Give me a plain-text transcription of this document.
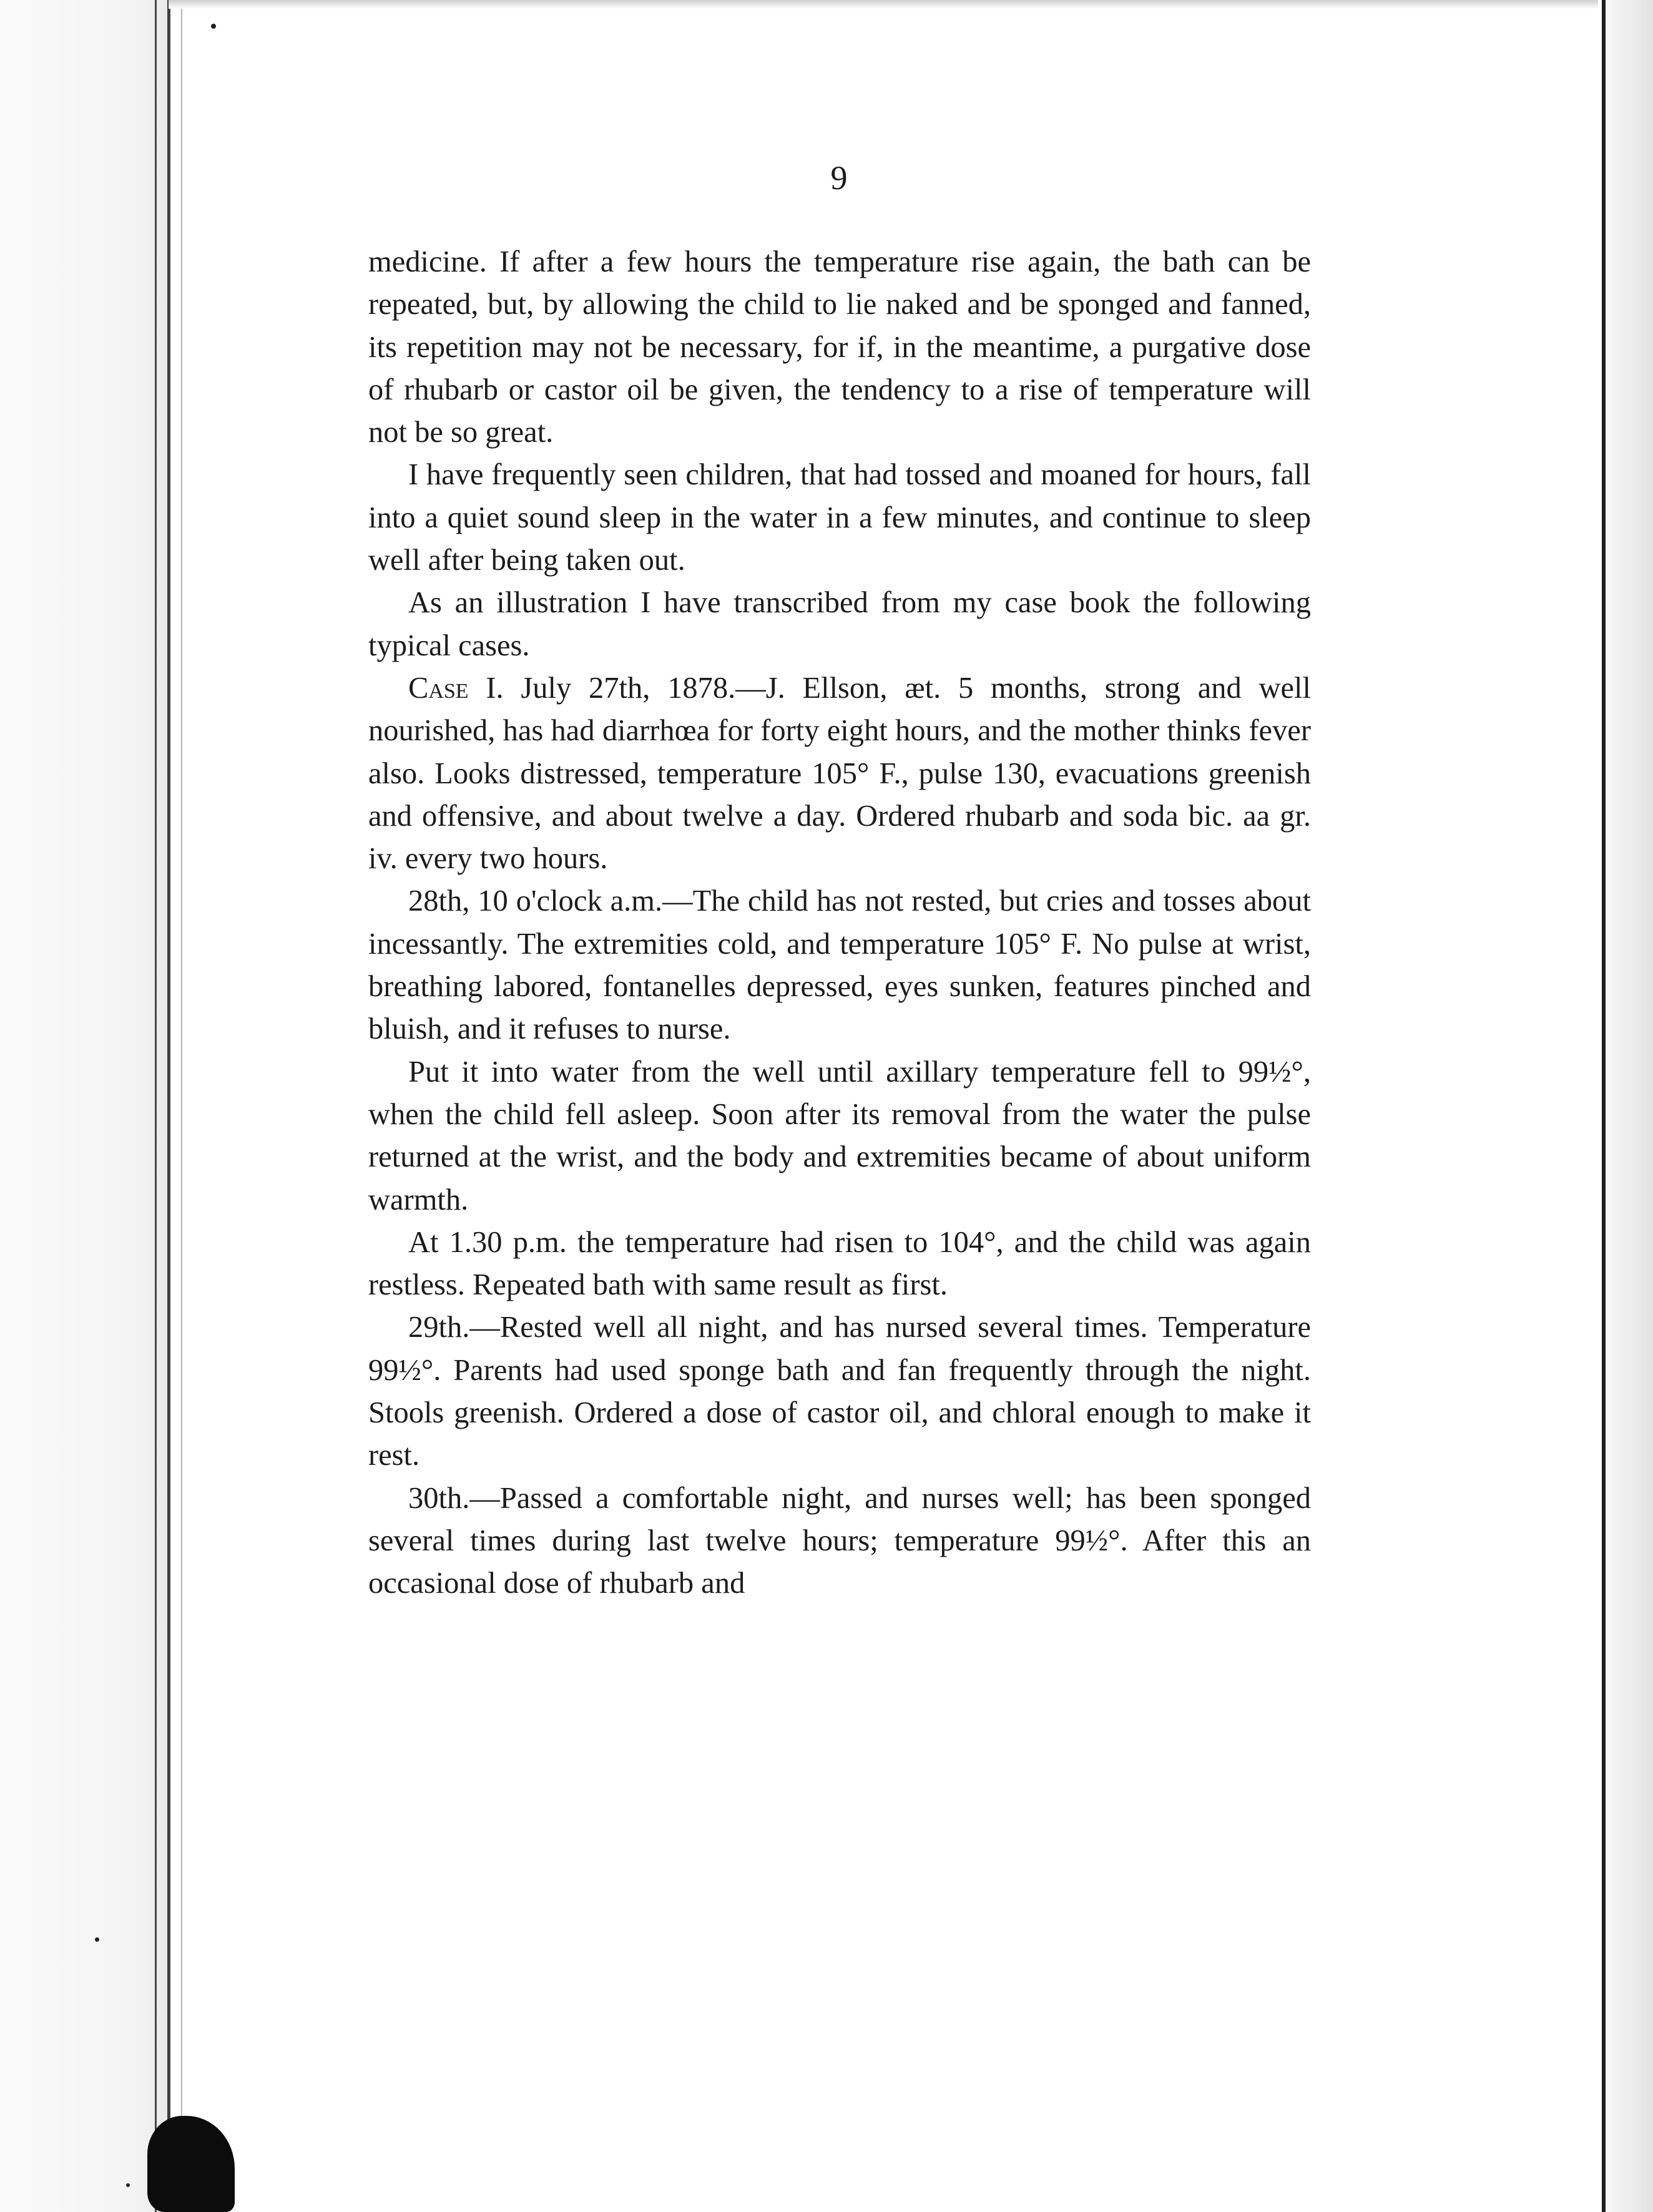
9

medicine. If after a few hours the temperature rise again, the bath can be repeated, but, by allowing the child to lie naked and be sponged and fanned, its repetition may not be necessary, for if, in the meantime, a purgative dose of rhubarb or castor oil be given, the tendency to a rise of temperature will not be so great.

I have frequently seen children, that had tossed and moaned for hours, fall into a quiet sound sleep in the water in a few minutes, and continue to sleep well after being taken out.

As an illustration I have transcribed from my case book the following typical cases.

Case I. July 27th, 1878.—J. Ellson, æt. 5 months, strong and well nourished, has had diarrhœa for forty eight hours, and the mother thinks fever also. Looks distressed, temperature 105° F., pulse 130, evacuations greenish and offensive, and about twelve a day. Ordered rhubarb and soda bic. aa gr. iv. every two hours.

28th, 10 o'clock a.m.—The child has not rested, but cries and tosses about incessantly. The extremities cold, and temperature 105° F. No pulse at wrist, breathing labored, fontanelles depressed, eyes sunken, features pinched and bluish, and it refuses to nurse.

Put it into water from the well until axillary temperature fell to 99½°, when the child fell asleep. Soon after its removal from the water the pulse returned at the wrist, and the body and extremities became of about uniform warmth.

At 1.30 p.m. the temperature had risen to 104°, and the child was again restless. Repeated bath with same result as first.

29th.—Rested well all night, and has nursed several times. Temperature 99½°. Parents had used sponge bath and fan frequently through the night. Stools greenish. Ordered a dose of castor oil, and chloral enough to make it rest.

30th.—Passed a comfortable night, and nurses well; has been sponged several times during last twelve hours; temperature 99½°. After this an occasional dose of rhubarb and
